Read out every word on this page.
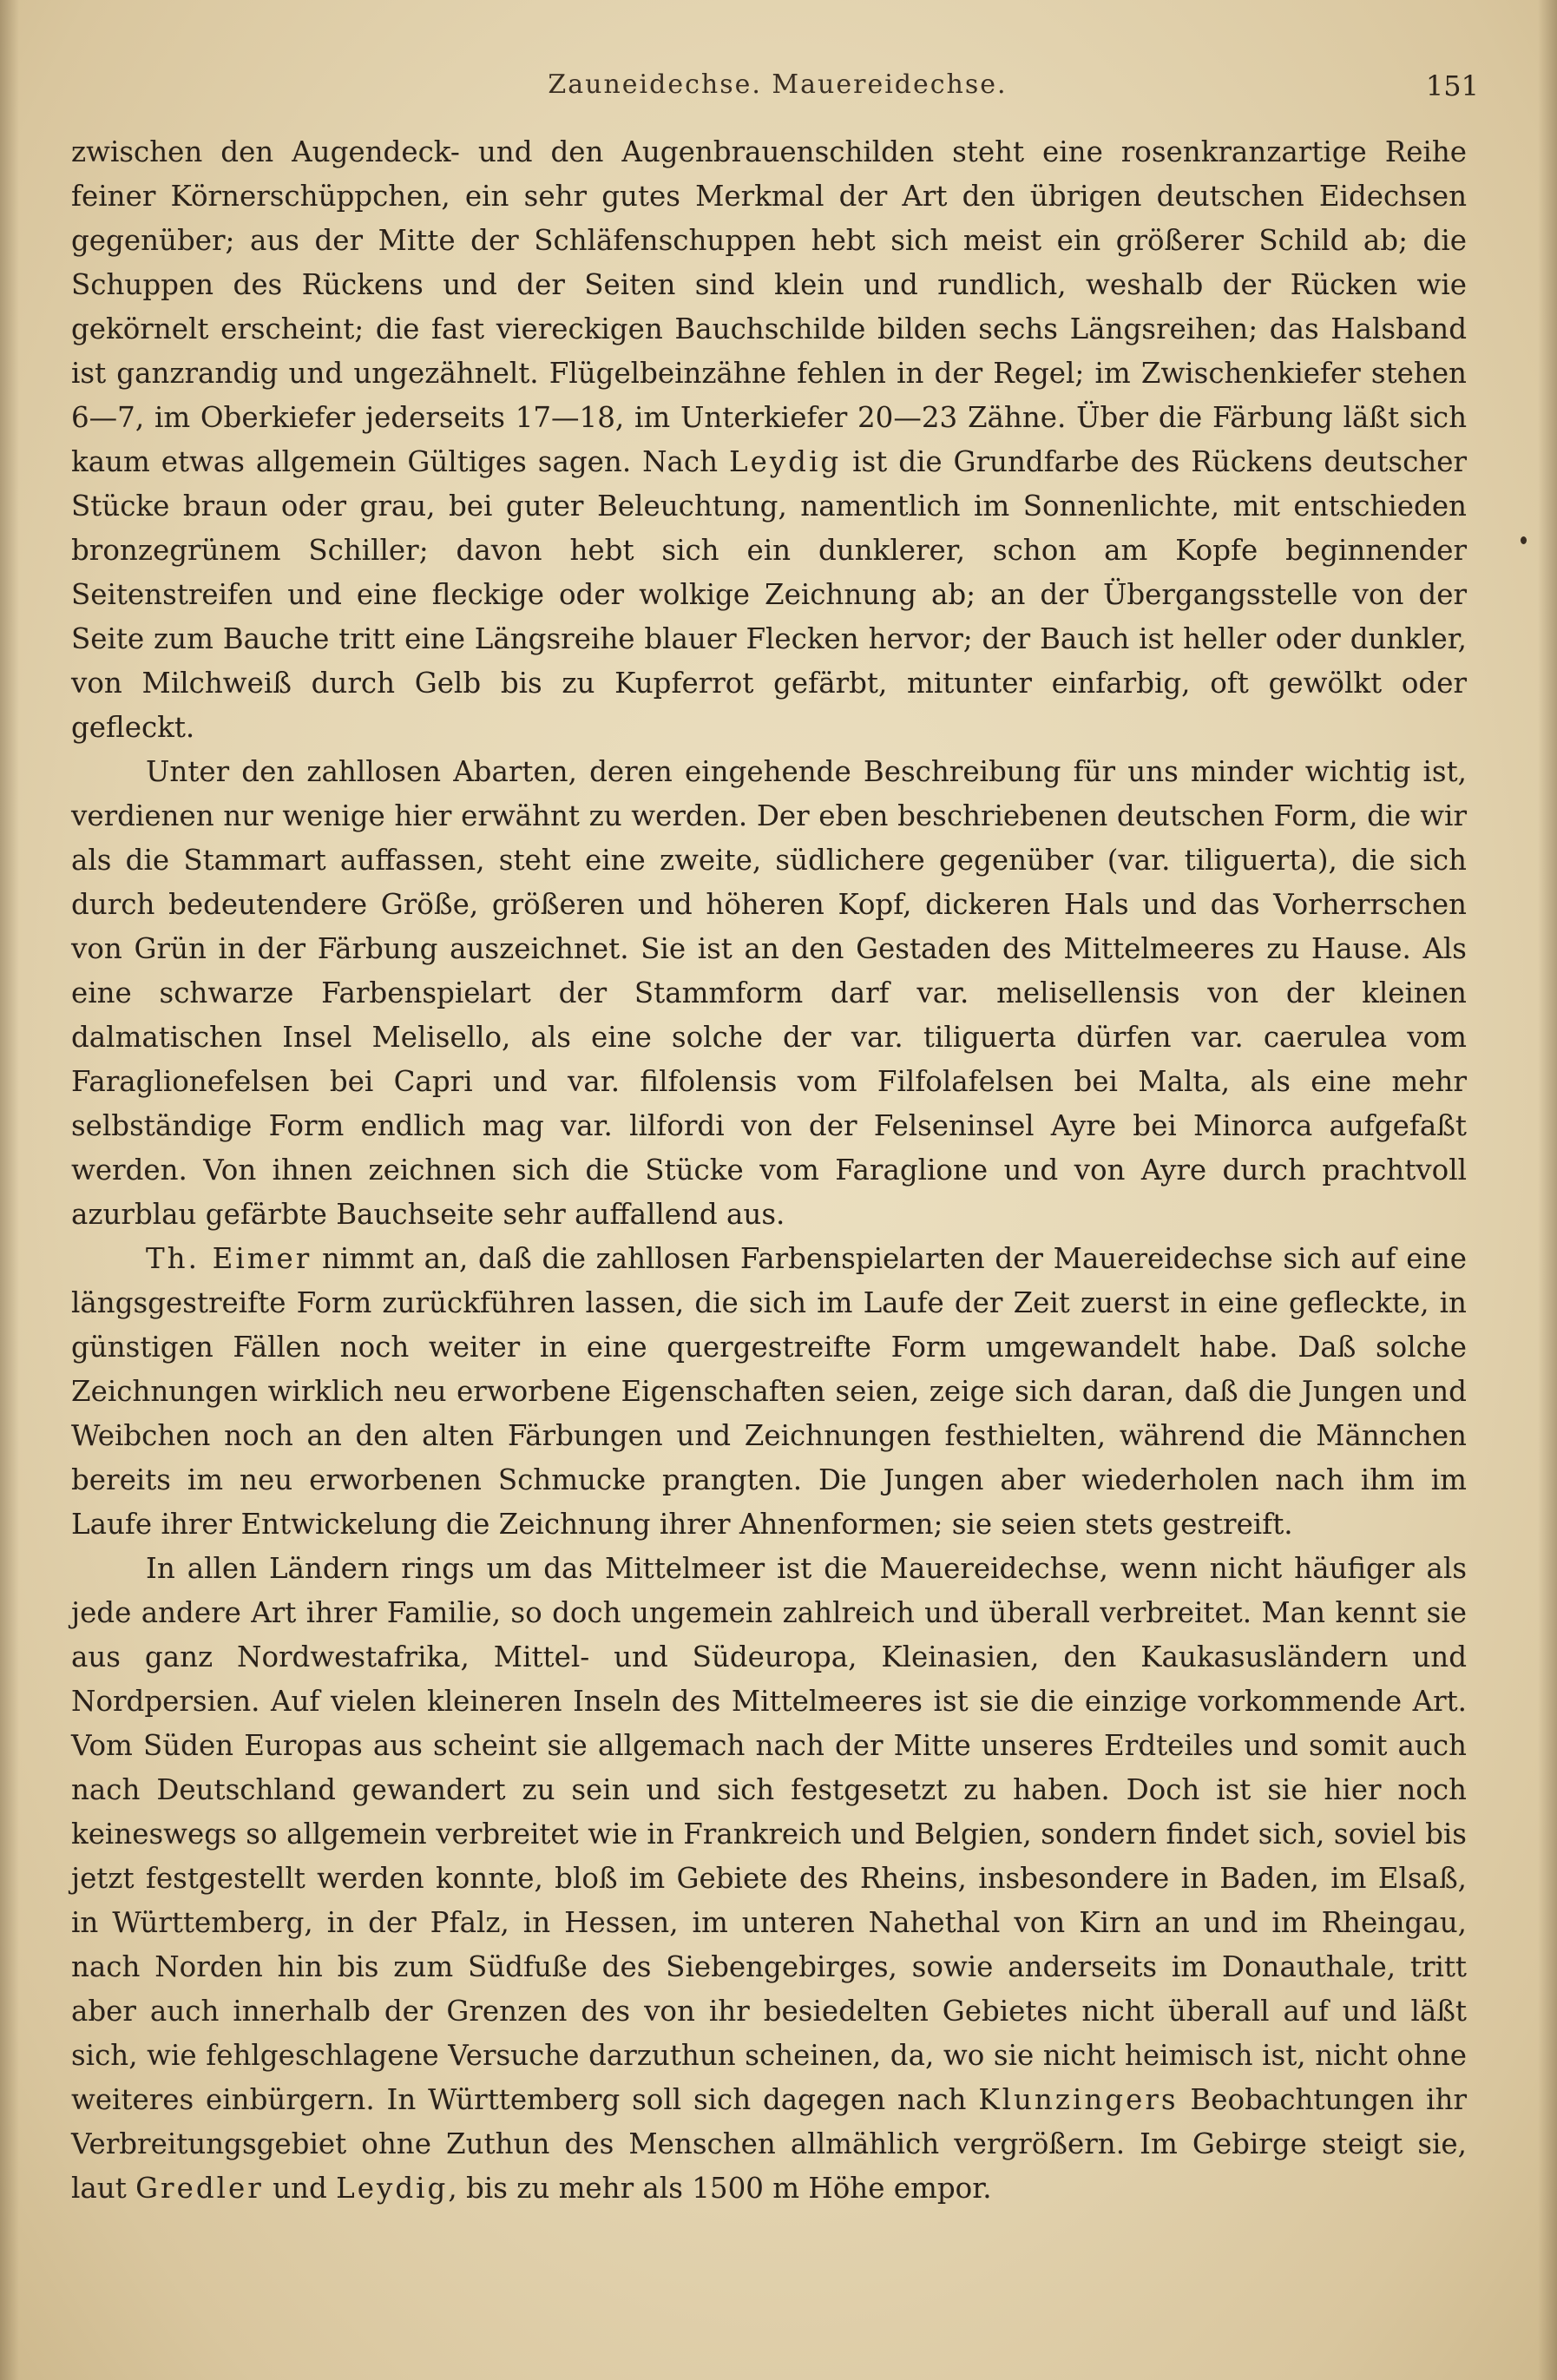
Zauneidechse. Mauereidechse.	151

zwischen den Augendeck- und den Augenbrauenschilden steht eine rosenkranzartige Reihe feiner Körnerschüppchen, ein sehr gutes Merkmal der Art den übrigen deutschen Eidechsen gegenüber; aus der Mitte der Schläfenschuppen hebt sich meist ein größerer Schild ab; die Schuppen des Rückens und der Seiten sind klein und rundlich, weshalb der Rücken wie gekörnelt erscheint; die fast viereckigen Bauchschilde bilden sechs Längsreihen; das Halsband ist ganzrandig und ungezähnelt. Flügelbeinzähne fehlen in der Regel; im Zwischenkiefer stehen 6—7, im Oberkiefer jederseits 17—18, im Unterkiefer 20—23 Zähne. Über die Färbung läßt sich kaum etwas allgemein Gültiges sagen. Nach Leydig ist die Grundfarbe des Rückens deutscher Stücke braun oder grau, bei guter Beleuchtung, namentlich im Sonnenlichte, mit entschieden bronzegrünem Schiller; davon hebt sich ein dunklerer, schon am Kopfe beginnender Seitenstreifen und eine fleckige oder wolkige Zeichnung ab; an der Übergangsstelle von der Seite zum Bauche tritt eine Längsreihe blauer Flecken hervor; der Bauch ist heller oder dunkler, von Milchweiß durch Gelb bis zu Kupferrot gefärbt, mitunter einfarbig, oft gewölkt oder gefleckt.

Unter den zahllosen Abarten, deren eingehende Beschreibung für uns minder wichtig ist, verdienen nur wenige hier erwähnt zu werden. Der eben beschriebenen deutschen Form, die wir als die Stammart auffassen, steht eine zweite, südlichere gegenüber (var. tiliguerta), die sich durch bedeutendere Größe, größeren und höheren Kopf, dickeren Hals und das Vorherrschen von Grün in der Färbung auszeichnet. Sie ist an den Gestaden des Mittelmeeres zu Hause. Als eine schwarze Farbenspielart der Stammform darf var. melisellensis von der kleinen dalmatischen Insel Melisello, als eine solche der var. tiliguerta dürfen var. caerulea vom Faraglionefelsen bei Capri und var. filfolensis vom Filfolafelsen bei Malta, als eine mehr selbständige Form endlich mag var. lilfordi von der Felseninsel Ayre bei Minorca aufgefaßt werden. Von ihnen zeichnen sich die Stücke vom Faraglione und von Ayre durch prachtvoll azurblau gefärbte Bauchseite sehr auffallend aus.

Th. Eimer nimmt an, daß die zahllosen Farbenspielarten der Mauereidechse sich auf eine längsgestreifte Form zurückführen lassen, die sich im Laufe der Zeit zuerst in eine gefleckte, in günstigen Fällen noch weiter in eine quergestreifte Form umgewandelt habe. Daß solche Zeichnungen wirklich neu erworbene Eigenschaften seien, zeige sich daran, daß die Jungen und Weibchen noch an den alten Färbungen und Zeichnungen festhielten, während die Männchen bereits im neu erworbenen Schmucke prangten. Die Jungen aber wiederholen nach ihm im Laufe ihrer Entwickelung die Zeichnung ihrer Ahnenformen; sie seien stets gestreift.

In allen Ländern rings um das Mittelmeer ist die Mauereidechse, wenn nicht häufiger als jede andere Art ihrer Familie, so doch ungemein zahlreich und überall verbreitet. Man kennt sie aus ganz Nordwestafrika, Mittel- und Südeuropa, Kleinasien, den Kaukasusländern und Nordpersien. Auf vielen kleineren Inseln des Mittelmeeres ist sie die einzige vorkommende Art. Vom Süden Europas aus scheint sie allgemach nach der Mitte unseres Erdteiles und somit auch nach Deutschland gewandert zu sein und sich festgesetzt zu haben. Doch ist sie hier noch keineswegs so allgemein verbreitet wie in Frankreich und Belgien, sondern findet sich, soviel bis jetzt festgestellt werden konnte, bloß im Gebiete des Rheins, insbesondere in Baden, im Elsaß, in Württemberg, in der Pfalz, in Hessen, im unteren Nahethal von Kirn an und im Rheingau, nach Norden hin bis zum Südfuße des Siebengebirges, sowie anderseits im Donauthale, tritt aber auch innerhalb der Grenzen des von ihr besiedelten Gebietes nicht überall auf und läßt sich, wie fehlgeschlagene Versuche darzuthun scheinen, da, wo sie nicht heimisch ist, nicht ohne weiteres einbürgern. In Württemberg soll sich dagegen nach Klunzingers Beobachtungen ihr Verbreitungsgebiet ohne Zuthun des Menschen allmählich vergrößern. Im Gebirge steigt sie, laut Gredler und Leydig, bis zu mehr als 1500 m Höhe empor.
